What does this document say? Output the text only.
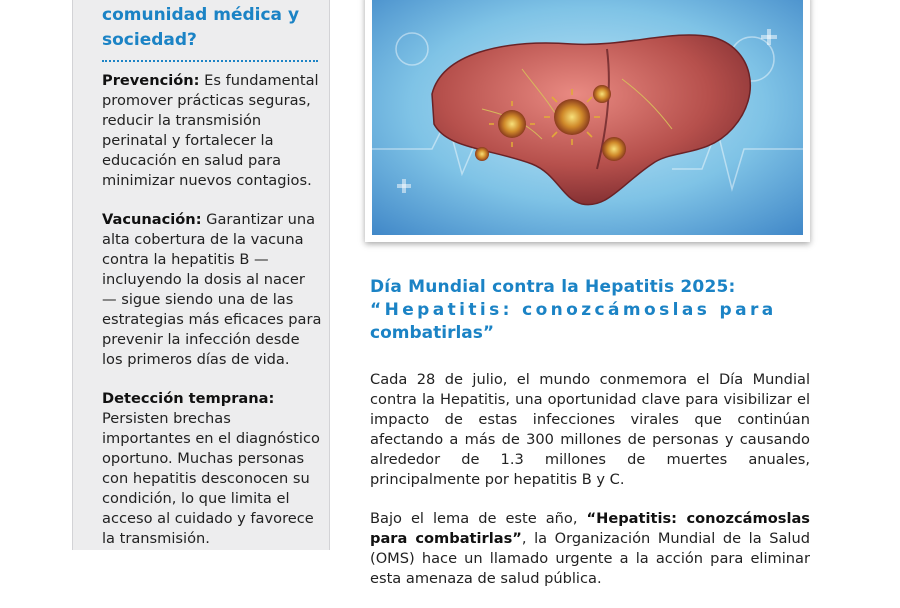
comunidad médica y sociedad?

Prevención: Es fundamental promover prácticas seguras, reducir la transmisión perinatal y fortalecer la educación en salud para minimizar nuevos contagios.

Vacunación: Garantizar una alta cobertura de la vacuna contra la hepatitis B — incluyendo la dosis al nacer — sigue siendo una de las estrategias más eficaces para prevenir la infección desde los primeros días de vida.

Detección temprana: Persisten brechas importantes en el diagnóstico oportuno. Muchas personas con hepatitis desconocen su condición, lo que limita el acceso al cuidado y favorece la transmisión.

Día Mundial contra la Hepatitis 2025:
“Hepatitis: conozcámoslas para
combatirlas”

Cada 28 de julio, el mundo conmemora el Día Mundial contra la Hepatitis, una oportunidad clave para visibilizar el impacto de estas infecciones virales que continúan afectando a más de 300 millones de personas y causando alrededor de 1.3 millones de muertes anuales, principalmente por hepatitis B y C.

Bajo el lema de este año, “Hepatitis: conozcámoslas para combatirlas”, la Organización Mundial de la Salud (OMS) hace un llamado urgente a la acción para eliminar esta amenaza de salud pública.
